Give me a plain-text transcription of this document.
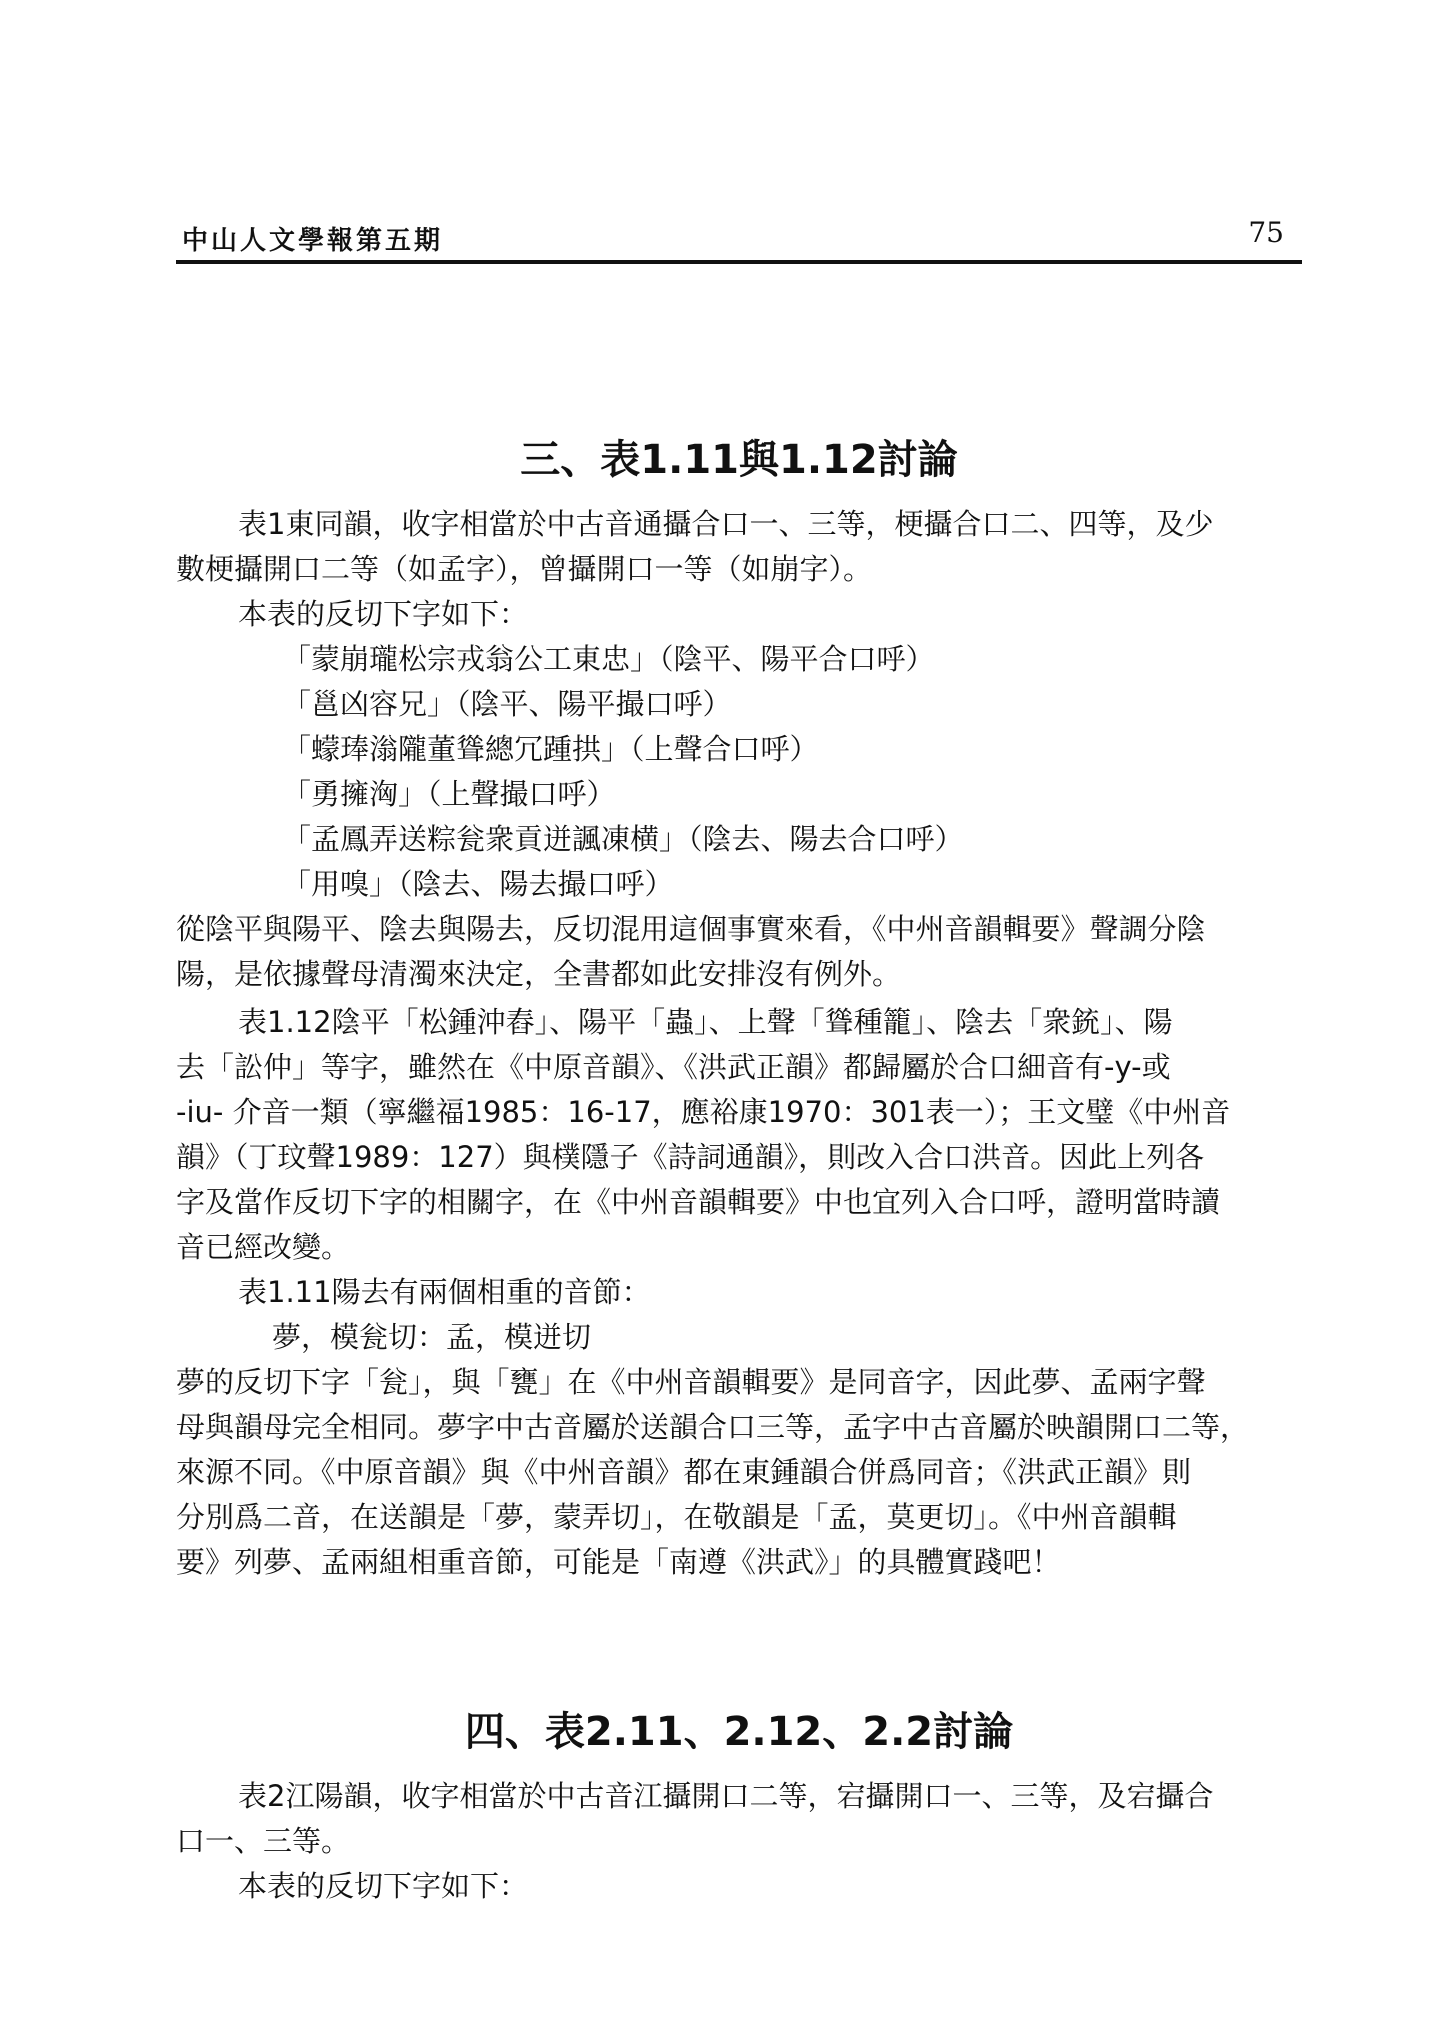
中山人文學報第五期	75
三、表1.11與1.12討論

表1東同韻，收字相當於中古音通攝合口一、三等，梗攝合口二、四等，及少

數梗攝開口二等（如孟字），曾攝開口一等（如崩字）。

本表的反切下字如下：

「蒙崩瓏松宗戎翁公工東忠」（陰平、陽平合口呼）

「邕凶容兄」（陰平、陽平撮口呼）

「蠓琫滃隴董聳總冗踵拱」（上聲合口呼）

「勇擁洶」（上聲撮口呼）

「孟鳳弄送粽瓮衆貢迸諷凍横」（陰去、陽去合口呼）

「用嗅」（陰去、陽去撮口呼）

從陰平與陽平、陰去與陽去，反切混用這個事實來看，《中州音韻輯要》聲調分陰

陽，是依據聲母清濁來決定，全書都如此安排沒有例外。

表1.12陰平「松鍾沖舂」、陽平「蟲」、上聲「聳種籠」、陰去「衆銃」、陽

去「訟仲」等字，雖然在《中原音韻》、《洪武正韻》都歸屬於合口細音有-y-或

-iu- 介音一類（寧繼福1985：16-17，應裕康1970：301表一）；王文璧《中州音

韻》（丁玟聲1989：127）與樸隱子《詩詞通韻》，則改入合口洪音。因此上列各

字及當作反切下字的相關字，在《中州音韻輯要》中也宜列入合口呼，證明當時讀

音已經改變。

表1.11陽去有兩個相重的音節：

夢，模瓮切：孟，模迸切

夢的反切下字「瓮」，與「甕」在《中州音韻輯要》是同音字，因此夢、孟兩字聲

母與韻母完全相同。夢字中古音屬於送韻合口三等，孟字中古音屬於映韻開口二等，

來源不同。《中原音韻》與《中州音韻》都在東鍾韻合併爲同音；《洪武正韻》則

分別爲二音，在送韻是「夢，蒙弄切」，在敬韻是「孟，莫更切」。《中州音韻輯

要》列夢、孟兩組相重音節，可能是「南遵《洪武》」的具體實踐吧！

四、表2.11、2.12、2.2討論

表2江陽韻，收字相當於中古音江攝開口二等，宕攝開口一、三等，及宕攝合

口一、三等。

本表的反切下字如下：
